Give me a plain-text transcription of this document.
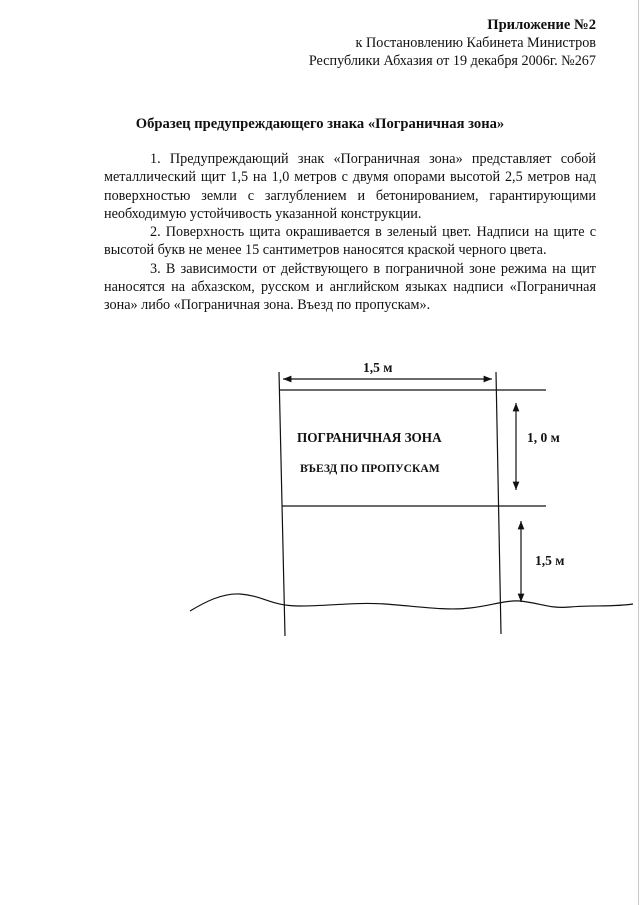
Приложение №2
к Постановлению Кабинета Министров
Республики Абхазия от 19 декабря 2006г. №267
Образец предупреждающего знака «Пограничная зона»

1. Предупреждающий знак «Пограничная зона» представляет собой металлический щит 1,5 на 1,0 метров с двумя опорами высотой 2,5 метров над поверхностью земли с заглублением и бетонированием, гарантирующими необходимую устойчивость указанной конструкции.

2. Поверхность щита окрашивается в зеленый цвет. Надписи на щите с высотой букв не менее 15 сантиметров наносятся краской черного цвета.

3. В зависимости от действующего в пограничной зоне режима на щит наносятся на абхазском, русском и английском языках надписи «Пограничная зона» либо «Пограничная зона. Въезд по пропускам».

1,5 м
ПОГРАНИЧНАЯ ЗОНА
ВЪЕЗД ПО ПРОПУСКАМ
1, 0 м
1,5 м
